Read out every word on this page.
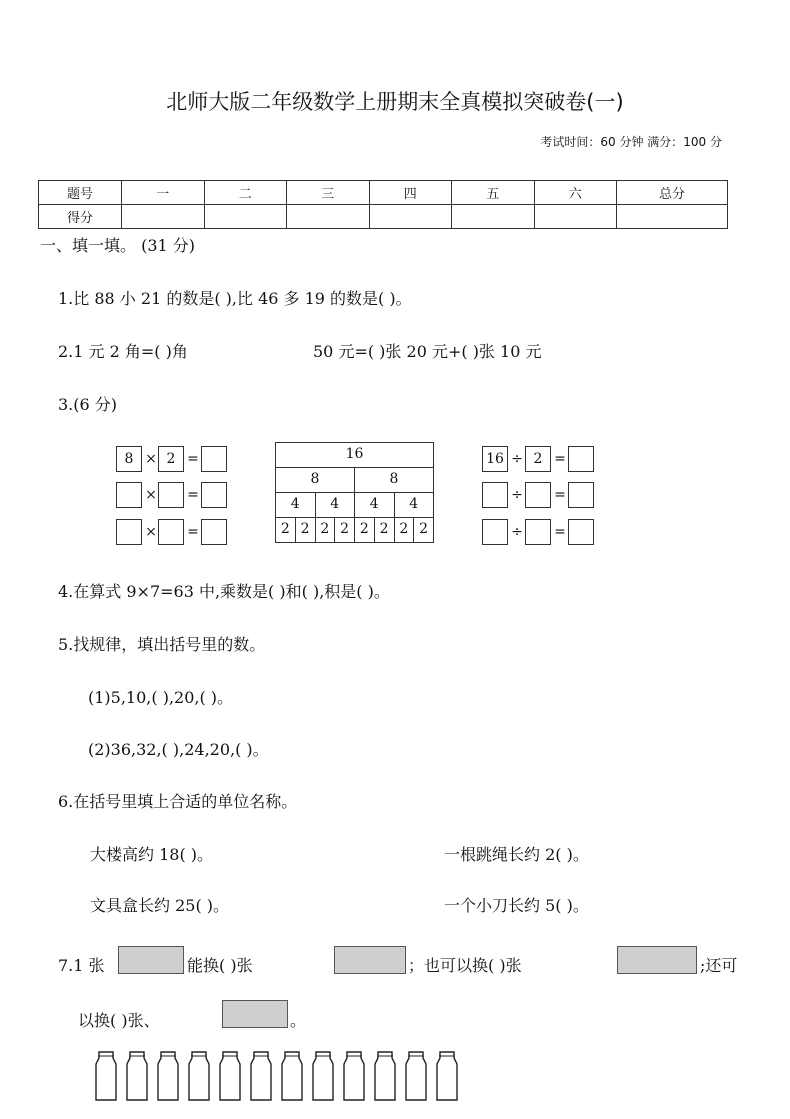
北师大版二年级数学上册期末全真模拟突破卷(一)
考试时间：60 分钟 满分：100 分
题号	一	二	三	四	五	六	总分
得分							
一、填一填。 (31 分)
1.比 88 小 21 的数是( ),比 46 多 19 的数是( )。
2.1 元 2 角=( )角	50 元=( )张 20 元+( )张 10 元
3.(6 分)
8 × 2 =
× =
× =
16
8	8
4	4	4	4
2 2 2 2 2 2 2 2
16 ÷ 2 =
÷ =
÷ =
4.在算式 9×7=63 中,乘数是( )和( ),积是( )。
5.找规律，填出括号里的数。
(1)5,10,( ),20,( )。
(2)36,32,( ),24,20,( )。
6.在括号里填上合适的单位名称。
大楼高约 18( )。	一根跳绳长约 2( )。
文具盒长约 25( )。	一个小刀长约 5( )。
7.1 张	能换( )张	；也可以换( )张	;还可
以换( )张、	。
